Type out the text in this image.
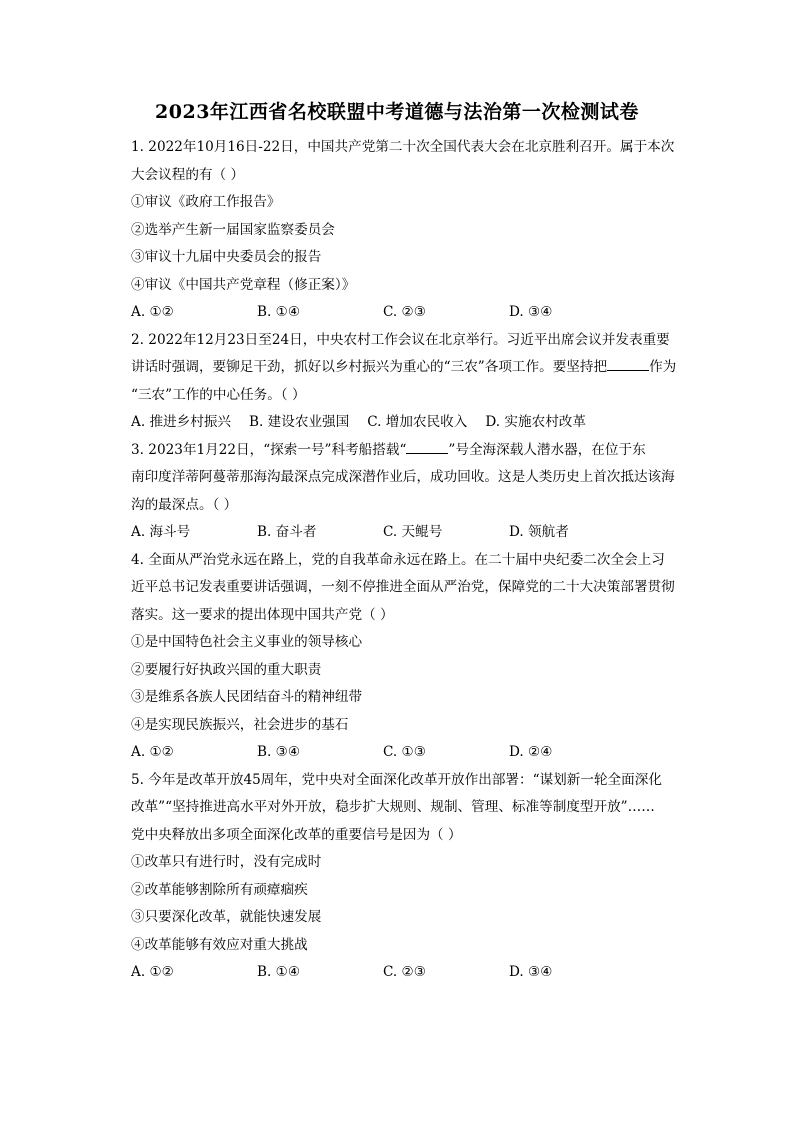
2023年江西省名校联盟中考道德与法治第一次检测试卷
1. 2022年10月16日-22日，中国共产党第二十次全国代表大会在北京胜利召开。属于本次
大会议程的有（ ）
①审议《政府工作报告》
②选举产生新一届国家监察委员会
③审议十九届中央委员会的报告
④审议《中国共产党章程（修正案）》
A. ①②	B. ①④	C. ②③	D. ③④
2. 2022年12月23日至24日，中央农村工作会议在北京举行。习近平出席会议并发表重要
讲话时强调，要铆足干劲，抓好以乡村振兴为重心的“三农”各项工作。要坚持把	作为
“三农”工作的中心任务。（ ）
A. 推进乡村振兴 B. 建设农业强国 C. 增加农民收入 D. 实施农村改革
3. 2023年1月22日，“探索一号”科考船搭载“	”号全海深载人潜水器，在位于东
南印度洋蒂阿蔓蒂那海沟最深点完成深潜作业后，成功回收。这是人类历史上首次抵达该海
沟的最深点。（ ）
A. 海斗号	B. 奋斗者	C. 天鲲号	D. 领航者
4. 全面从严治党永远在路上，党的自我革命永远在路上。在二十届中央纪委二次全会上习
近平总书记发表重要讲话强调，一刻不停推进全面从严治党，保障党的二十大决策部署贯彻
落实。这一要求的提出体现中国共产党（ ）
①是中国特色社会主义事业的领导核心
②要履行好执政兴国的重大职责
③是维系各族人民团结奋斗的精神纽带
④是实现民族振兴，社会进步的基石
A. ①②	B. ③④	C. ①③	D. ②④
5. 今年是改革开放45周年，党中央对全面深化改革开放作出部署：“谋划新一轮全面深化
改革”“坚持推进高水平对外开放，稳步扩大规则、规制、管理、标准等制度型开放”……
党中央释放出多项全面深化改革的重要信号是因为（ ）
①改革只有进行时，没有完成时
②改革能够割除所有顽瘴痼疾
③只要深化改革，就能快速发展
④改革能够有效应对重大挑战
A. ①②	B. ①④	C. ②③	D. ③④
